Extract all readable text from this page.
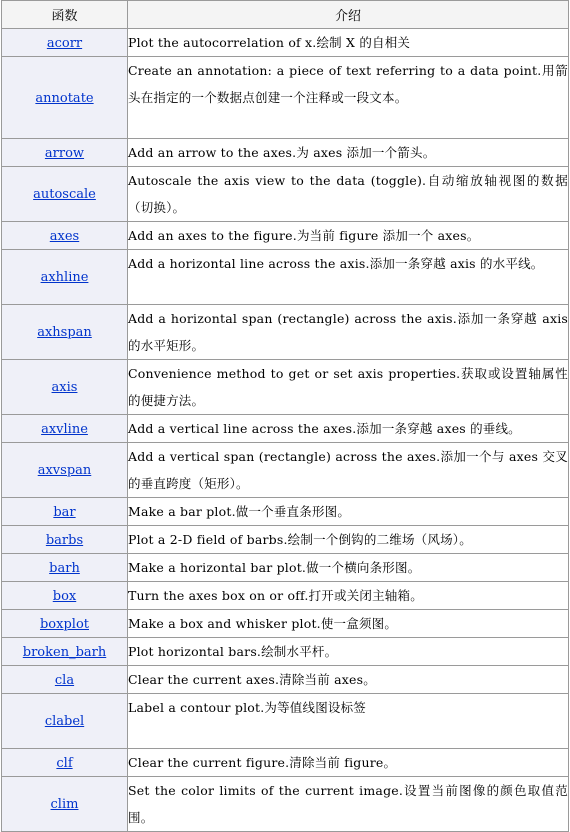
函数	介绍
acorr	Plot the autocorrelation of x.绘制 X 的自相关
annotate	Create an annotation: a piece of text referring to a data point.用箭头在指定的一个数据点创建一个注释或一段文本。
arrow	Add an arrow to the axes.为 axes 添加一个箭头。
autoscale	Autoscale the axis view to the data (toggle).自动缩放轴视图的数据（切换）。
axes	Add an axes to the figure.为当前 figure 添加一个 axes。
axhline	Add a horizontal line across the axis.添加一条穿越 axis 的水平线。
axhspan	Add a horizontal span (rectangle) across the axis.添加一条穿越 axis 的水平矩形。
axis	Convenience method to get or set axis properties.获取或设置轴属性的便捷方法。
axvline	Add a vertical line across the axes.添加一条穿越 axes 的垂线。
axvspan	Add a vertical span (rectangle) across the axes.添加一个与 axes 交叉的垂直跨度（矩形）。
bar	Make a bar plot.做一个垂直条形图。
barbs	Plot a 2-D field of barbs.绘制一个倒钩的二维场（风场）。
barh	Make a horizontal bar plot.做一个横向条形图。
box	Turn the axes box on or off.打开或关闭主轴箱。
boxplot	Make a box and whisker plot.使一盒须图。
broken_barh	Plot horizontal bars.绘制水平杆。
cla	Clear the current axes.清除当前 axes。
clabel	Label a contour plot.为等值线图设标签
clf	Clear the current figure.清除当前 figure。
clim	Set the color limits of the current image.设置当前图像的颜色取值范围。
